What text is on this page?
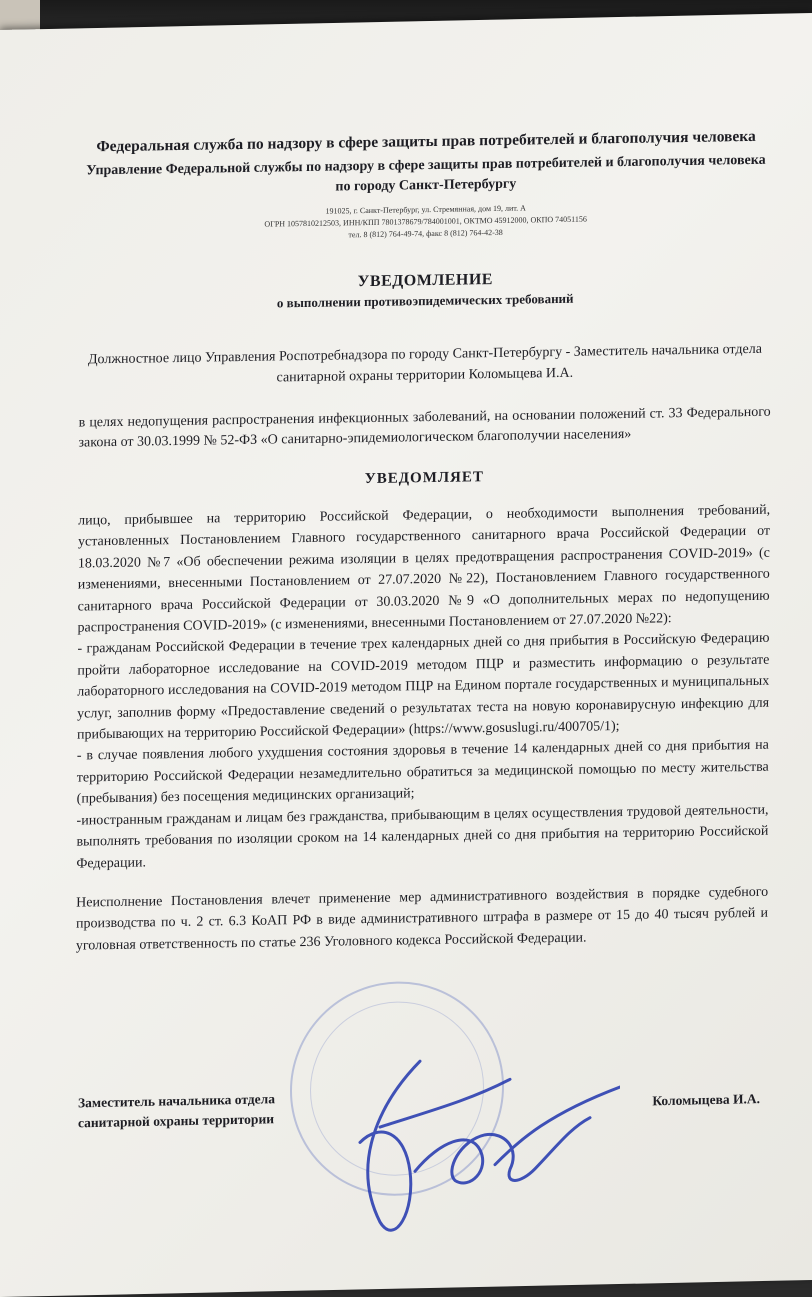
Федеральная служба по надзору в сфере защиты прав потребителей и благополучия человека
Управление Федеральной службы по надзору в сфере защиты прав потребителей и благополучия человека по городу Санкт-Петербургу
191025, г. Санкт-Петербург, ул. Стремянная, дом 19, лит. А
ОГРН 1057810212503, ИНН/КПП 7801378679/784001001, ОКТМО 45912000, ОКПО 74051156
тел. 8 (812) 764-49-74, факс 8 (812) 764-42-38
УВЕДОМЛЕНИЕ
о выполнении противоэпидемических требований
Должностное лицо Управления Роспотребнадзора по городу Санкт-Петербургу - Заместитель начальника отдела санитарной охраны территории Коломыцева И.А.
в целях недопущения распространения инфекционных заболеваний, на основании положений ст. 33 Федерального закона от 30.03.1999 № 52-ФЗ «О санитарно-эпидемиологическом благополучии населения»
УВЕДОМЛЯЕТ

лицо, прибывшее на территорию Российской Федерации, о необходимости выполнения требований, установленных Постановлением Главного государственного санитарного врача Российской Федерации от 18.03.2020 №7 «Об обеспечении режима изоляции в целях предотвращения распространения COVID-2019» (с изменениями, внесенными Постановлением от 27.07.2020 №22), Постановлением Главного государственного санитарного врача Российской Федерации от 30.03.2020 №9 «О дополнительных мерах по недопущению распространения COVID-2019» (с изменениями, внесенными Постановлением от 27.07.2020 №22):

- гражданам Российской Федерации в течение трех календарных дней со дня прибытия в Российскую Федерацию пройти лабораторное исследование на COVID-2019 методом ПЦР и разместить информацию о результате лабораторного исследования на COVID-2019 методом ПЦР на Едином портале государственных и муниципальных услуг, заполнив форму «Предоставление сведений о результатах теста на новую коронавирусную инфекцию для прибывающих на территорию Российской Федерации» (https://www.gosuslugi.ru/400705/1);

- в случае появления любого ухудшения состояния здоровья в течение 14 календарных дней со дня прибытия на территорию Российской Федерации незамедлительно обратиться за медицинской помощью по месту жительства (пребывания) без посещения медицинских организаций;

-иностранным гражданам и лицам без гражданства, прибывающим в целях осуществления трудовой деятельности, выполнять требования по изоляции сроком на 14 календарных дней со дня прибытия на территорию Российской Федерации.

Неисполнение Постановления влечет применение мер административного воздействия в порядке судебного производства по ч. 2 ст. 6.3 КоАП РФ в виде административного штрафа в размере от 15 до 40 тысяч рублей и уголовная ответственность по статье 236 Уголовного кодекса Российской Федерации.
Заместитель начальника отдела
санитарной охраны территории
Коломыцева И.А.
